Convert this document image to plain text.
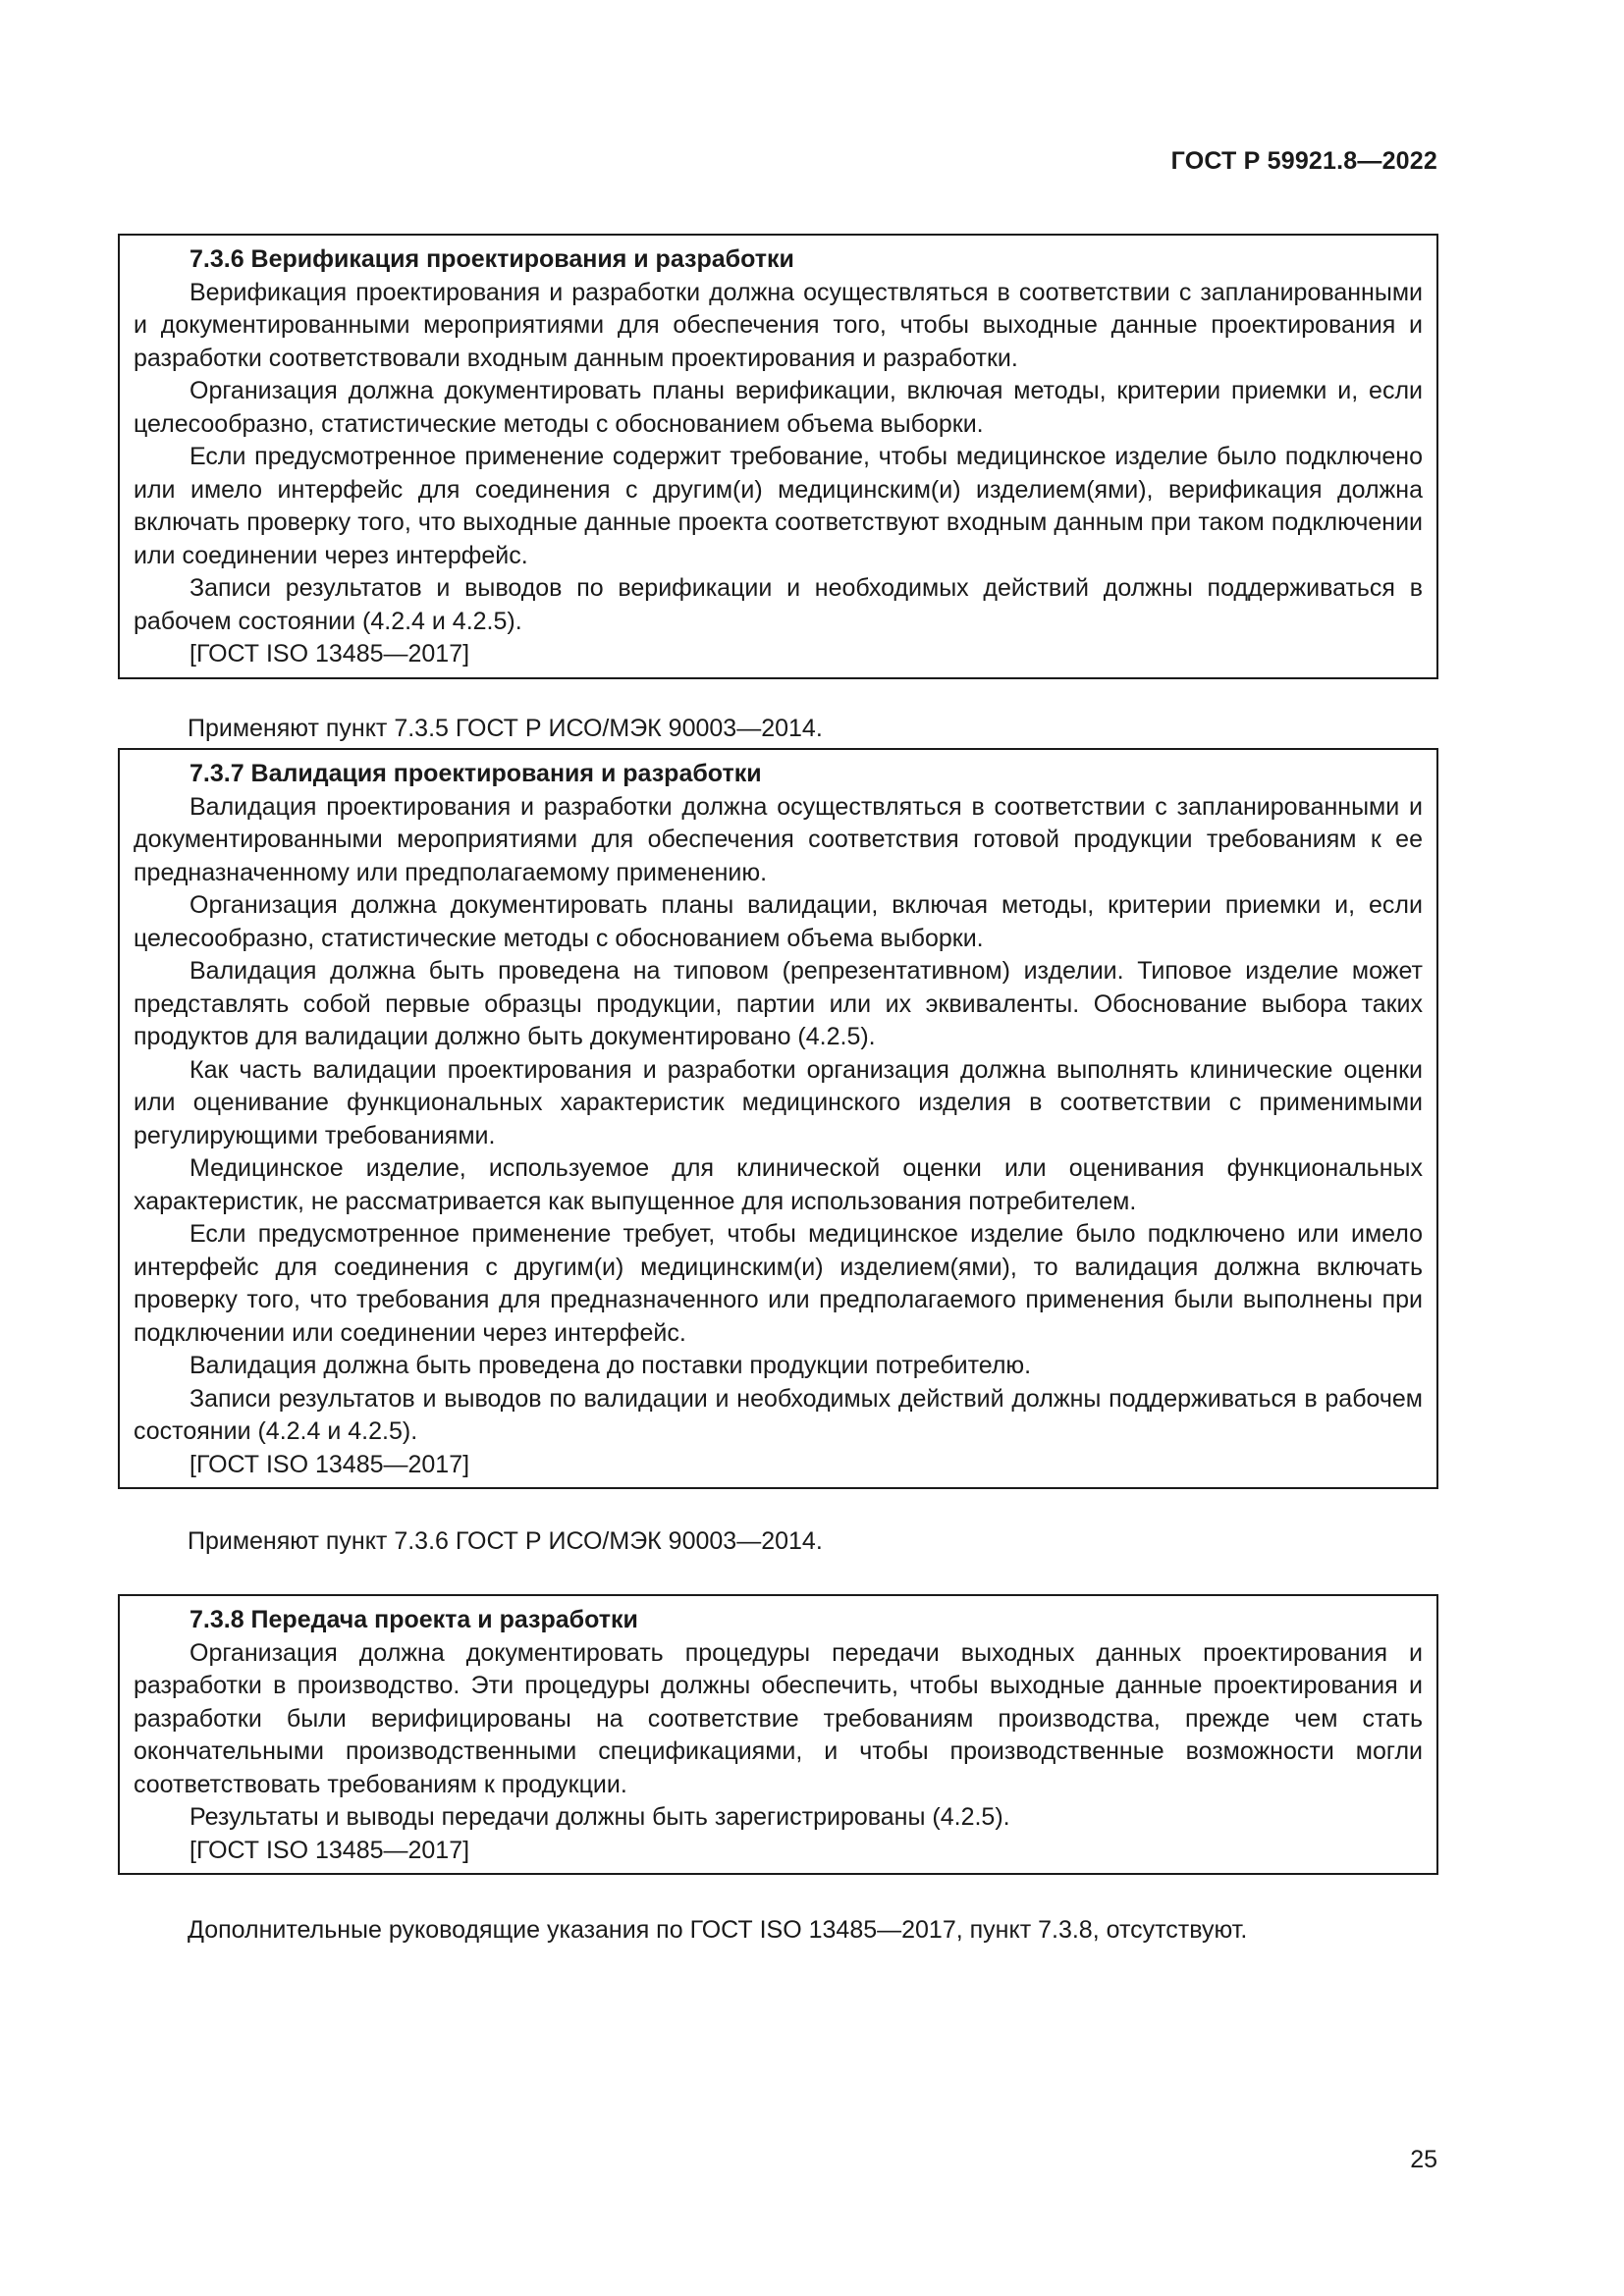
ГОСТ Р 59921.8—2022

7.3.6 Верификация проектирования и разработки

Верификация проектирования и разработки должна осуществляться в соответствии с запланированными и документированными мероприятиями для обеспечения того, чтобы выходные данные проектирования и разработки соответствовали входным данным проектирования и разработки.

Организация должна документировать планы верификации, включая методы, критерии приемки и, если целесообразно, статистические методы с обоснованием объема выборки.

Если предусмотренное применение содержит требование, чтобы медицинское изделие было подключено или имело интерфейс для соединения с другим(и) медицинским(и) изделием(ями), верификация должна включать проверку того, что выходные данные проекта соответствуют входным данным при таком подключении или соединении через интерфейс.

Записи результатов и выводов по верификации и необходимых действий должны поддерживаться в рабочем состоянии (4.2.4 и 4.2.5).

[ГОСТ ISO 13485—2017]

Применяют пункт 7.3.5 ГОСТ Р ИСО/МЭК 90003—2014.

7.3.7 Валидация проектирования и разработки

Валидация проектирования и разработки должна осуществляться в соответствии с запланированными и документированными мероприятиями для обеспечения соответствия готовой продукции требованиям к ее предназначенному или предполагаемому применению.

Организация должна документировать планы валидации, включая методы, критерии приемки и, если целесообразно, статистические методы с обоснованием объема выборки.

Валидация должна быть проведена на типовом (репрезентативном) изделии. Типовое изделие может представлять собой первые образцы продукции, партии или их эквиваленты. Обоснование выбора таких продуктов для валидации должно быть документировано (4.2.5).

Как часть валидации проектирования и разработки организация должна выполнять клинические оценки или оценивание функциональных характеристик медицинского изделия в соответствии с применимыми регулирующими требованиями.

Медицинское изделие, используемое для клинической оценки или оценивания функциональных характеристик, не рассматривается как выпущенное для использования потребителем.

Если предусмотренное применение требует, чтобы медицинское изделие было подключено или имело интерфейс для соединения с другим(и) медицинским(и) изделием(ями), то валидация должна включать проверку того, что требования для предназначенного или предполагаемого применения были выполнены при подключении или соединении через интерфейс.

Валидация должна быть проведена до поставки продукции потребителю.

Записи результатов и выводов по валидации и необходимых действий должны поддерживаться в рабочем состоянии (4.2.4 и 4.2.5).

[ГОСТ ISO 13485—2017]

Применяют пункт 7.3.6 ГОСТ Р ИСО/МЭК 90003—2014.

7.3.8 Передача проекта и разработки

Организация должна документировать процедуры передачи выходных данных проектирования и разработки в производство. Эти процедуры должны обеспечить, чтобы выходные данные проектирования и разработки были верифицированы на соответствие требованиям производства, прежде чем стать окончательными производственными спецификациями, и чтобы производственные возможности могли соответствовать требованиям к продукции.

Результаты и выводы передачи должны быть зарегистрированы (4.2.5).

[ГОСТ ISO 13485—2017]

Дополнительные руководящие указания по ГОСТ ISO 13485—2017, пункт 7.3.8, отсутствуют.
25
